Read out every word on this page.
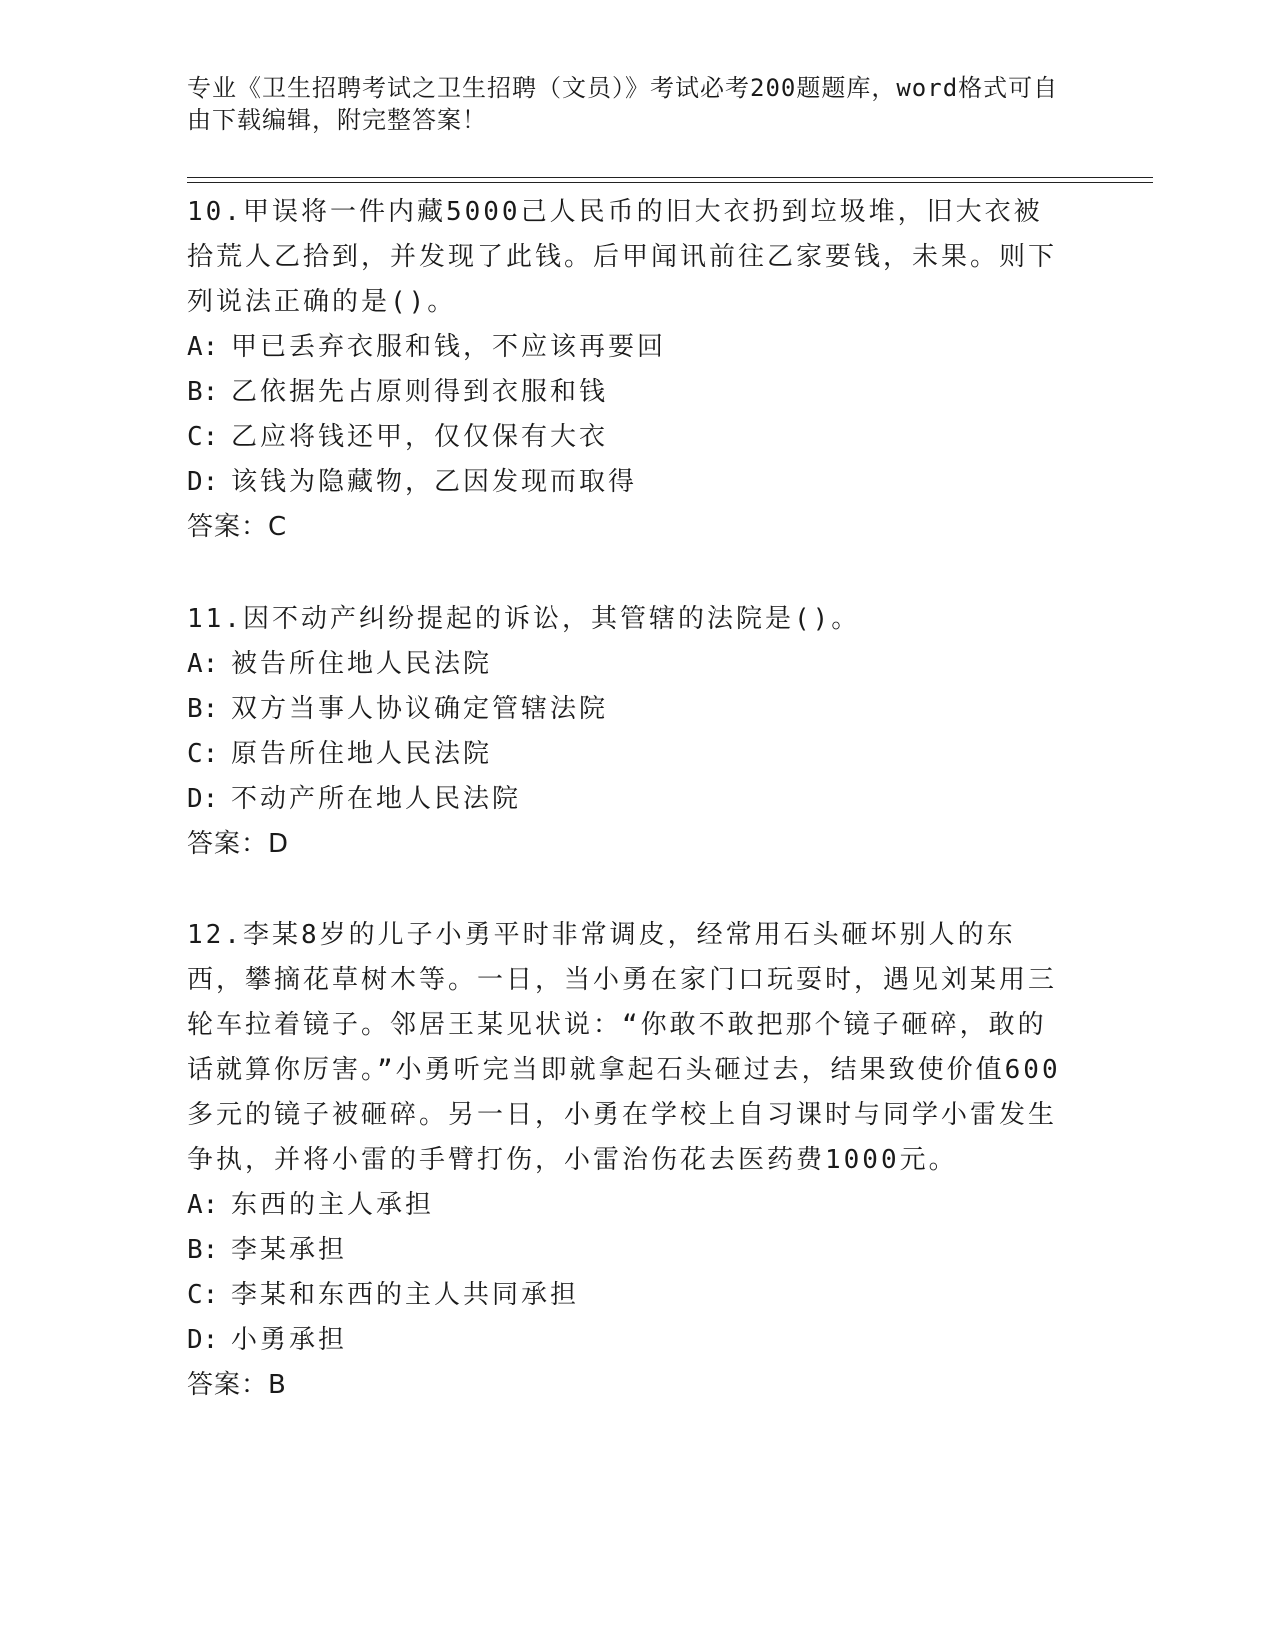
专业《卫生招聘考试之卫生招聘（文员）》考试必考200题题库，word格式可自由下载编辑，附完整答案！

10.甲误将一件内藏5000己人民币的旧大衣扔到垃圾堆，旧大衣被拾荒人乙拾到，并发现了此钱。后甲闻讯前往乙家要钱，未果。则下列说法正确的是()。

A: 甲已丢弃衣服和钱，不应该再要回

B: 乙依据先占原则得到衣服和钱

C: 乙应将钱还甲，仅仅保有大衣

D: 该钱为隐藏物，乙因发现而取得

答案：C

11.因不动产纠纷提起的诉讼，其管辖的法院是()。

A: 被告所住地人民法院

B: 双方当事人协议确定管辖法院

C: 原告所住地人民法院

D: 不动产所在地人民法院

答案：D

12.李某8岁的儿子小勇平时非常调皮，经常用石头砸坏别人的东西，攀摘花草树木等。一日，当小勇在家门口玩耍时，遇见刘某用三轮车拉着镜子。邻居王某见状说：“你敢不敢把那个镜子砸碎，敢的话就算你厉害。”小勇听完当即就拿起石头砸过去，结果致使价值600多元的镜子被砸碎。另一日，小勇在学校上自习课时与同学小雷发生争执，并将小雷的手臂打伤，小雷治伤花去医药费1000元。

A: 东西的主人承担

B: 李某承担

C: 李某和东西的主人共同承担

D: 小勇承担

答案：B
